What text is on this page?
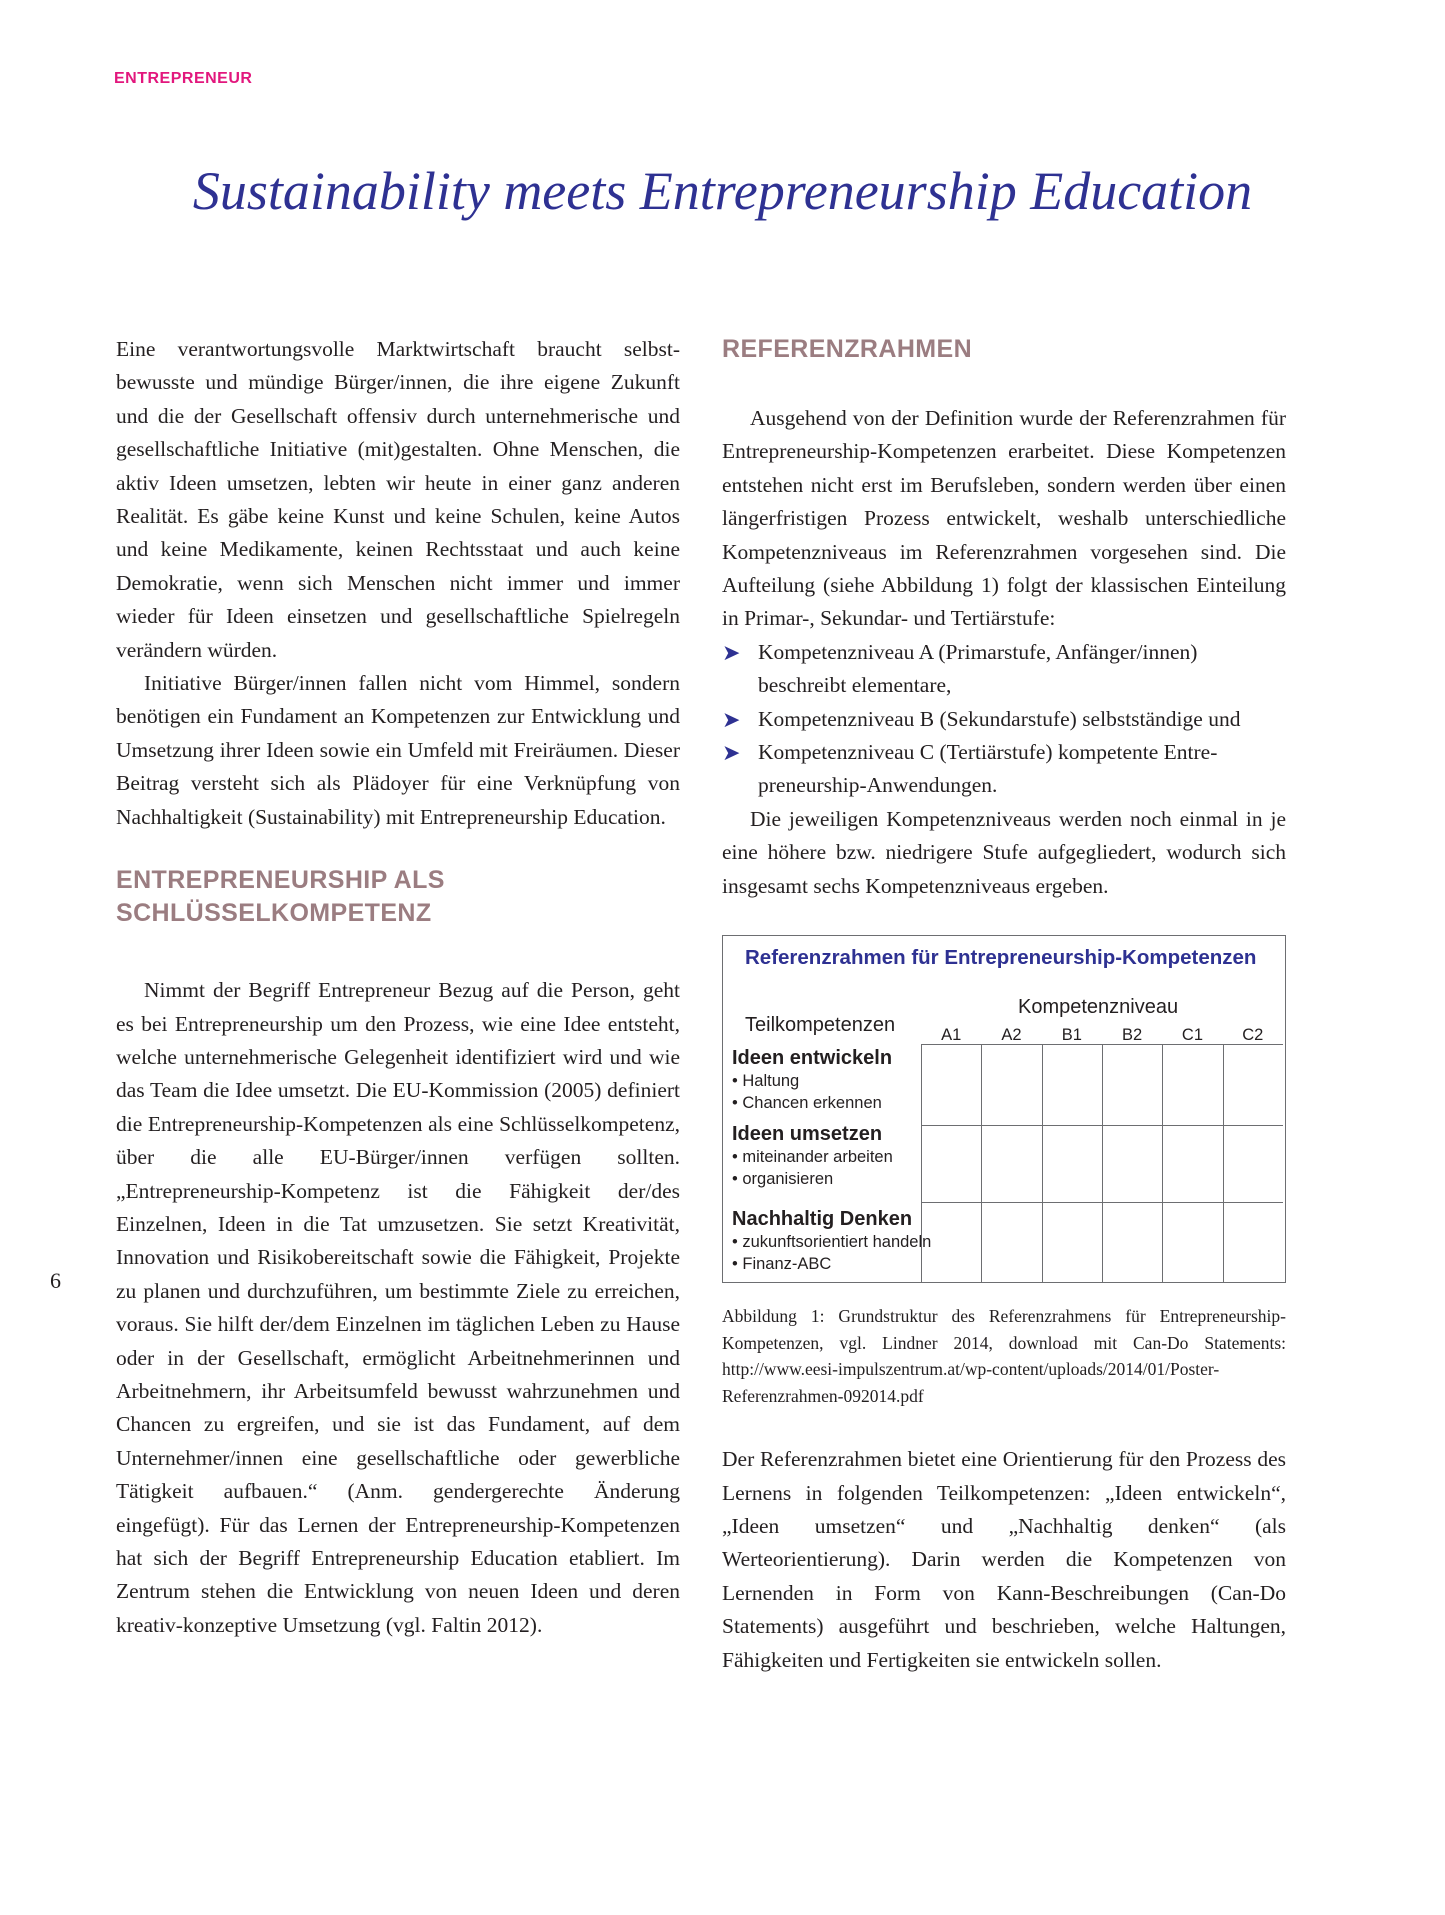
ENTREPRENEUR
Sustainability meets Entrepreneurship Education

Eine verantwortungsvolle Marktwirtschaft braucht selbstbewusste und mündige Bürger/innen, die ihre eigene Zukunft und die der Gesellschaft offensiv durch unternehmerische und gesellschaftliche Initiative (mit)gestalten. Ohne Menschen, die aktiv Ideen umsetzen, lebten wir heute in einer ganz anderen Realität. Es gäbe keine Kunst und keine Schulen, keine Autos und keine Medikamente, keinen Rechtsstaat und auch keine Demokratie, wenn sich Menschen nicht immer und immer wieder für Ideen einsetzen und gesellschaftliche Spielregeln verändern würden.

Initiative Bürger/innen fallen nicht vom Himmel, sondern benötigen ein Fundament an Kompetenzen zur Entwicklung und Umsetzung ihrer Ideen sowie ein Umfeld mit Freiräumen. Dieser Beitrag versteht sich als Plädoyer für eine Verknüpfung von Nachhaltigkeit (Sustainability) mit Entrepreneurship Education.

ENTREPRENEURSHIP ALS
SCHLÜSSELKOMPETENZ

Nimmt der Begriff Entrepreneur Bezug auf die Person, geht es bei Entrepreneurship um den Prozess, wie eine Idee entsteht, welche unternehmerische Gelegenheit identifiziert wird und wie das Team die Idee umsetzt. Die EU-Kommission (2005) definiert die Entrepreneurship-Kompetenzen als eine Schlüsselkompetenz, über die alle EU-Bürger/innen verfügen sollten. „Entrepreneurship-Kompetenz ist die Fähigkeit der/des Einzelnen, Ideen in die Tat umzusetzen. Sie setzt Kreativität, Innovation und Risikobereitschaft sowie die Fähigkeit, Projekte zu planen und durchzuführen, um bestimmte Ziele zu erreichen, voraus. Sie hilft der/dem Einzelnen im täglichen Leben zu Hause oder in der Gesellschaft, ermöglicht Arbeitnehmerinnen und Arbeitnehmern, ihr Arbeitsumfeld bewusst wahrzunehmen und Chancen zu ergreifen, und sie ist das Fundament, auf dem Unternehmer/innen eine gesellschaftliche oder gewerbliche Tätigkeit aufbauen.“ (Anm. gendergerechte Änderung eingefügt). Für das Lernen der Entrepreneurship-Kompetenzen hat sich der Begriff Entrepreneurship Education etabliert. Im Zentrum stehen die Entwicklung von neuen Ideen und deren kreativ-konzeptive Umsetzung (vgl. Faltin 2012).

6
REFERENZRAHMEN

Ausgehend von der Definition wurde der Referenzrahmen für Entrepreneurship-Kompetenzen erarbeitet. Diese Kompetenzen entstehen nicht erst im Berufsleben, sondern werden über einen längerfristigen Prozess entwickelt, weshalb unterschiedliche Kompetenzniveaus im Referenzrahmen vorgesehen sind. Die Aufteilung (siehe Abbildung 1) folgt der klassischen Einteilung in Primar-, Sekundar- und Tertiärstufe:

➤ Kompetenzniveau A (Primarstufe, Anfänger/innen) beschreibt elementare,
➤ Kompetenzniveau B (Sekundarstufe) selbstständige und
➤ Kompetenzniveau C (Tertiärstufe) kompetente Entrepreneurship-Anwendungen.

Die jeweiligen Kompetenzniveaus werden noch einmal in je eine höhere bzw. niedrigere Stufe aufgegliedert, wodurch sich insgesamt sechs Kompetenzniveaus ergeben.

Referenzrahmen für Entrepreneurship-Kompetenzen
Kompetenzniveau
Teilkompetenzen	A1	A2	B1	B2	C1	C2
Ideen entwickeln
• Haltung
• Chancen erkennen
Ideen umsetzen
• miteinander arbeiten
• organisieren
Nachhaltig Denken
• zukunftsorientiert handeln
• Finanz-ABC

Abbildung 1: Grundstruktur des Referenzrahmens für Entrepreneurship-Kompetenzen, vgl. Lindner 2014, download mit Can-Do Statements: http://www.eesi-impulszentrum.at/wp-content/uploads/2014/01/Poster-Referenzrahmen-092014.pdf

Der Referenzrahmen bietet eine Orientierung für den Prozess des Lernens in folgenden Teilkompetenzen: „Ideen entwickeln“, „Ideen umsetzen“ und „Nachhaltig denken“ (als Werteorientierung). Darin werden die Kompetenzen von Lernenden in Form von Kann-Beschreibungen (Can-Do Statements) ausgeführt und beschrieben, welche Haltungen, Fähigkeiten und Fertigkeiten sie entwickeln sollen.
